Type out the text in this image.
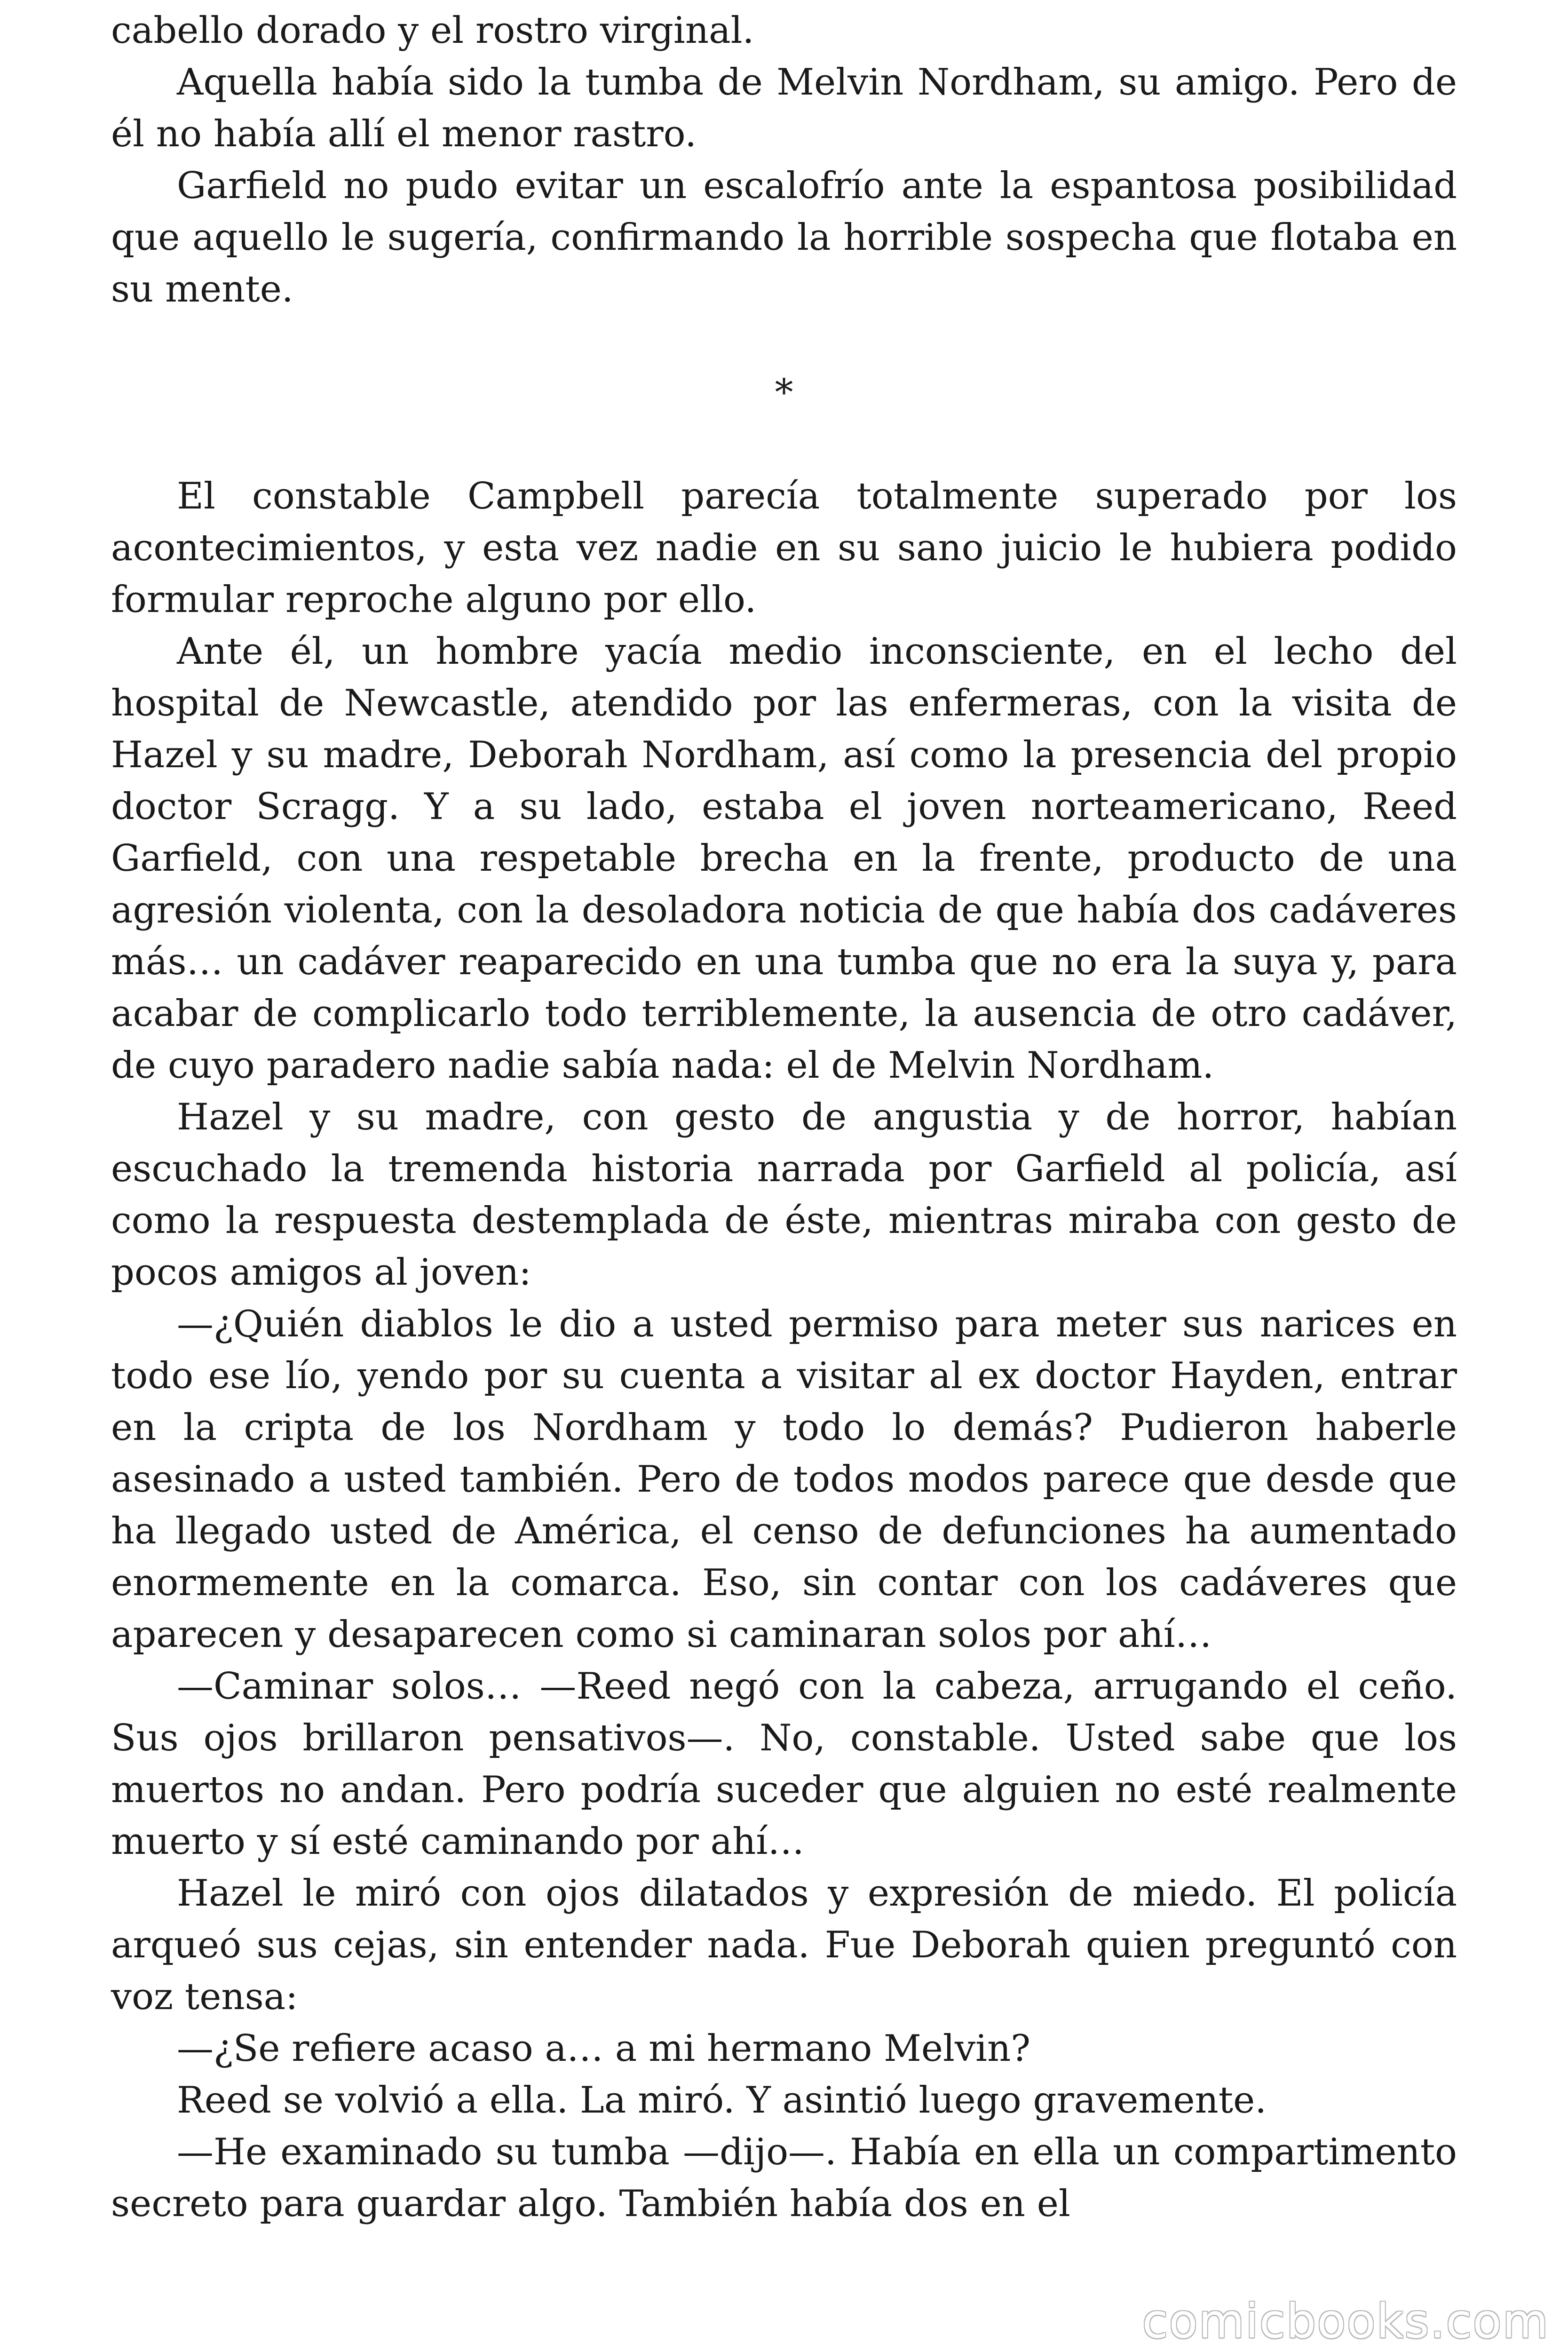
cabello dorado y el rostro virginal.

Aquella había sido la tumba de Melvin Nordham, su amigo. Pero de él no había allí el menor rastro.

Garfield no pudo evitar un escalofrío ante la espantosa posibilidad que aquello le sugería, confirmando la horrible sospecha que flotaba en su mente.

*

El constable Campbell parecía totalmente superado por los acontecimientos, y esta vez nadie en su sano juicio le hubiera podido formular reproche alguno por ello.

Ante él, un hombre yacía medio inconsciente, en el lecho del hospital de Newcastle, atendido por las enfermeras, con la visita de Hazel y su madre, Deborah Nordham, así como la presencia del propio doctor Scragg. Y a su lado, estaba el joven norteamericano, Reed Garfield, con una respetable brecha en la frente, producto de una agresión violenta, con la desoladora noticia de que había dos cadáveres más… un cadáver reaparecido en una tumba que no era la suya y, para acabar de complicarlo todo terriblemente, la ausencia de otro cadáver, de cuyo paradero nadie sabía nada: el de Melvin Nordham.

Hazel y su madre, con gesto de angustia y de horror, habían escuchado la tremenda historia narrada por Garfield al policía, así como la respuesta destemplada de éste, mientras miraba con gesto de pocos amigos al joven:

—¿Quién diablos le dio a usted permiso para meter sus narices en todo ese lío, yendo por su cuenta a visitar al ex doctor Hayden, entrar en la cripta de los Nordham y todo lo demás? Pudieron haberle asesinado a usted también. Pero de todos modos parece que desde que ha llegado usted de América, el censo de defunciones ha aumentado enormemente en la comarca. Eso, sin contar con los cadáveres que aparecen y desaparecen como si caminaran solos por ahí…

—Caminar solos… —Reed negó con la cabeza, arrugando el ceño. Sus ojos brillaron pensativos—. No, constable. Usted sabe que los muertos no andan. Pero podría suceder que alguien no esté realmente muerto y sí esté caminando por ahí…

Hazel le miró con ojos dilatados y expresión de miedo. El policía arqueó sus cejas, sin entender nada. Fue Deborah quien preguntó con voz tensa:

—¿Se refiere acaso a… a mi hermano Melvin?

Reed se volvió a ella. La miró. Y asintió luego gravemente.

—He examinado su tumba —dijo—. Había en ella un compartimento secreto para guardar algo. También había dos en el

comicbooks.com
